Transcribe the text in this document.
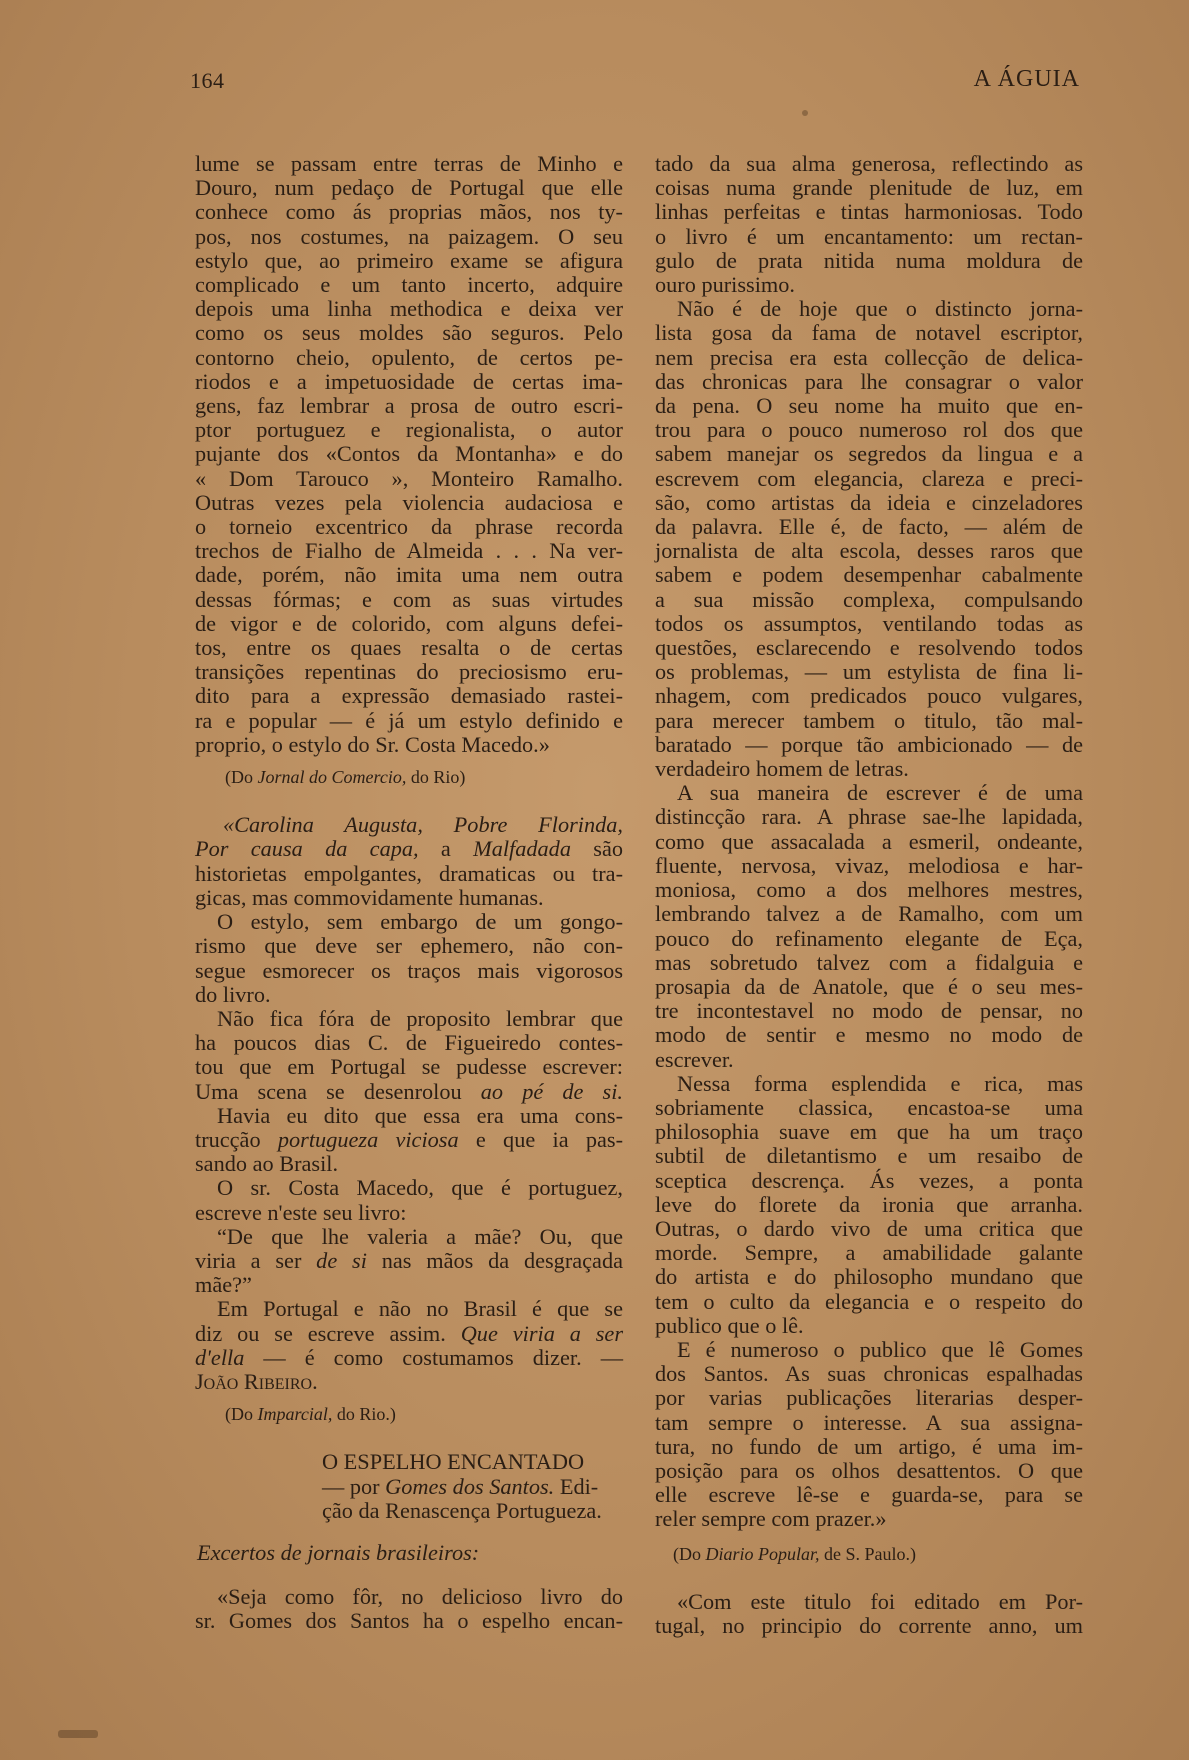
164	A ÁGUIA
lume se passam entre terras de Minho e
Douro, num pedaço de Portugal que elle
conhece como ás proprias mãos, nos ty-
pos, nos costumes, na paizagem. O seu
estylo que, ao primeiro exame se afigura
complicado e um tanto incerto, adquire
depois uma linha methodica e deixa ver
como os seus moldes são seguros. Pelo
contorno cheio, opulento, de certos pe-
riodos e a impetuosidade de certas ima-
gens, faz lembrar a prosa de outro escri-
ptor portuguez e regionalista, o autor
pujante dos «Contos da Montanha» e do
« Dom Tarouco », Monteiro Ramalho.
Outras vezes pela violencia audaciosa e
o torneio excentrico da phrase recorda
trechos de Fialho de Almeida . . . Na ver-
dade, porém, não imita uma nem outra
dessas fórmas; e com as suas virtudes
de vigor e de colorido, com alguns defei-
tos, entre os quaes resalta o de certas
transições repentinas do preciosismo eru-
dito para a expressão demasiado rastei-
ra e popular — é já um estylo definido e
proprio, o estylo do Sr. Costa Macedo.»
(Do Jornal do Comercio, do Rio)
«Carolina Augusta, Pobre Florinda,
Por causa da capa, a Malfadada são
historietas empolgantes, dramaticas ou tra-
gicas, mas commovidamente humanas.
O estylo, sem embargo de um gongo-
rismo que deve ser ephemero, não con-
segue esmorecer os traços mais vigorosos
do livro.
Não fica fóra de proposito lembrar que
ha poucos dias C. de Figueiredo contes-
tou que em Portugal se pudesse escrever:
Uma scena se desenrolou ao pé de si.
Havia eu dito que essa era uma cons-
trucção portugueza viciosa e que ia pas-
sando ao Brasil.
O sr. Costa Macedo, que é portuguez,
escreve n'este seu livro:
“De que lhe valeria a mãe? Ou, que
viria a ser de si nas mãos da desgraçada
mãe?”
Em Portugal e não no Brasil é que se
diz ou se escreve assim. Que viria a ser
d'ella — é como costumamos dizer. —
João Ribeiro.
(Do Imparcial, do Rio.)
O ESPELHO ENCANTADO
— por Gomes dos Santos. Edi-
ção da Renascença Portugueza.
Excertos de jornais brasileiros:
«Seja como fôr, no delicioso livro do
sr. Gomes dos Santos ha o espelho encan-
tado da sua alma generosa, reflectindo as
coisas numa grande plenitude de luz, em
linhas perfeitas e tintas harmoniosas. Todo
o livro é um encantamento: um rectan-
gulo de prata nitida numa moldura de
ouro purissimo.
Não é de hoje que o distincto jorna-
lista gosa da fama de notavel escriptor,
nem precisa era esta collecção de delica-
das chronicas para lhe consagrar o valor
da pena. O seu nome ha muito que en-
trou para o pouco numeroso rol dos que
sabem manejar os segredos da lingua e a
escrevem com elegancia, clareza e preci-
são, como artistas da ideia e cinzeladores
da palavra. Elle é, de facto, — além de
jornalista de alta escola, desses raros que
sabem e podem desempenhar cabalmente
a sua missão complexa, compulsando
todos os assumptos, ventilando todas as
questões, esclarecendo e resolvendo todos
os problemas, — um estylista de fina li-
nhagem, com predicados pouco vulgares,
para merecer tambem o titulo, tão mal-
baratado — porque tão ambicionado — de
verdadeiro homem de letras.
A sua maneira de escrever é de uma
distincção rara. A phrase sae-lhe lapidada,
como que assacalada a esmeril, ondeante,
fluente, nervosa, vivaz, melodiosa e har-
moniosa, como a dos melhores mestres,
lembrando talvez a de Ramalho, com um
pouco do refinamento elegante de Eça,
mas sobretudo talvez com a fidalguia e
prosapia da de Anatole, que é o seu mes-
tre incontestavel no modo de pensar, no
modo de sentir e mesmo no modo de
escrever.
Nessa forma esplendida e rica, mas
sobriamente classica, encastoa-se uma
philosophia suave em que ha um traço
subtil de diletantismo e um resaibo de
sceptica descrença. Ás vezes, a ponta
leve do florete da ironia que arranha.
Outras, o dardo vivo de uma critica que
morde. Sempre, a amabilidade galante
do artista e do philosopho mundano que
tem o culto da elegancia e o respeito do
publico que o lê.
E é numeroso o publico que lê Gomes
dos Santos. As suas chronicas espalhadas
por varias publicações literarias desper-
tam sempre o interesse. A sua assigna-
tura, no fundo de um artigo, é uma im-
posição para os olhos desattentos. O que
elle escreve lê-se e guarda-se, para se
reler sempre com prazer.»
(Do Diario Popular, de S. Paulo.)
«Com este titulo foi editado em Por-
tugal, no principio do corrente anno, um
